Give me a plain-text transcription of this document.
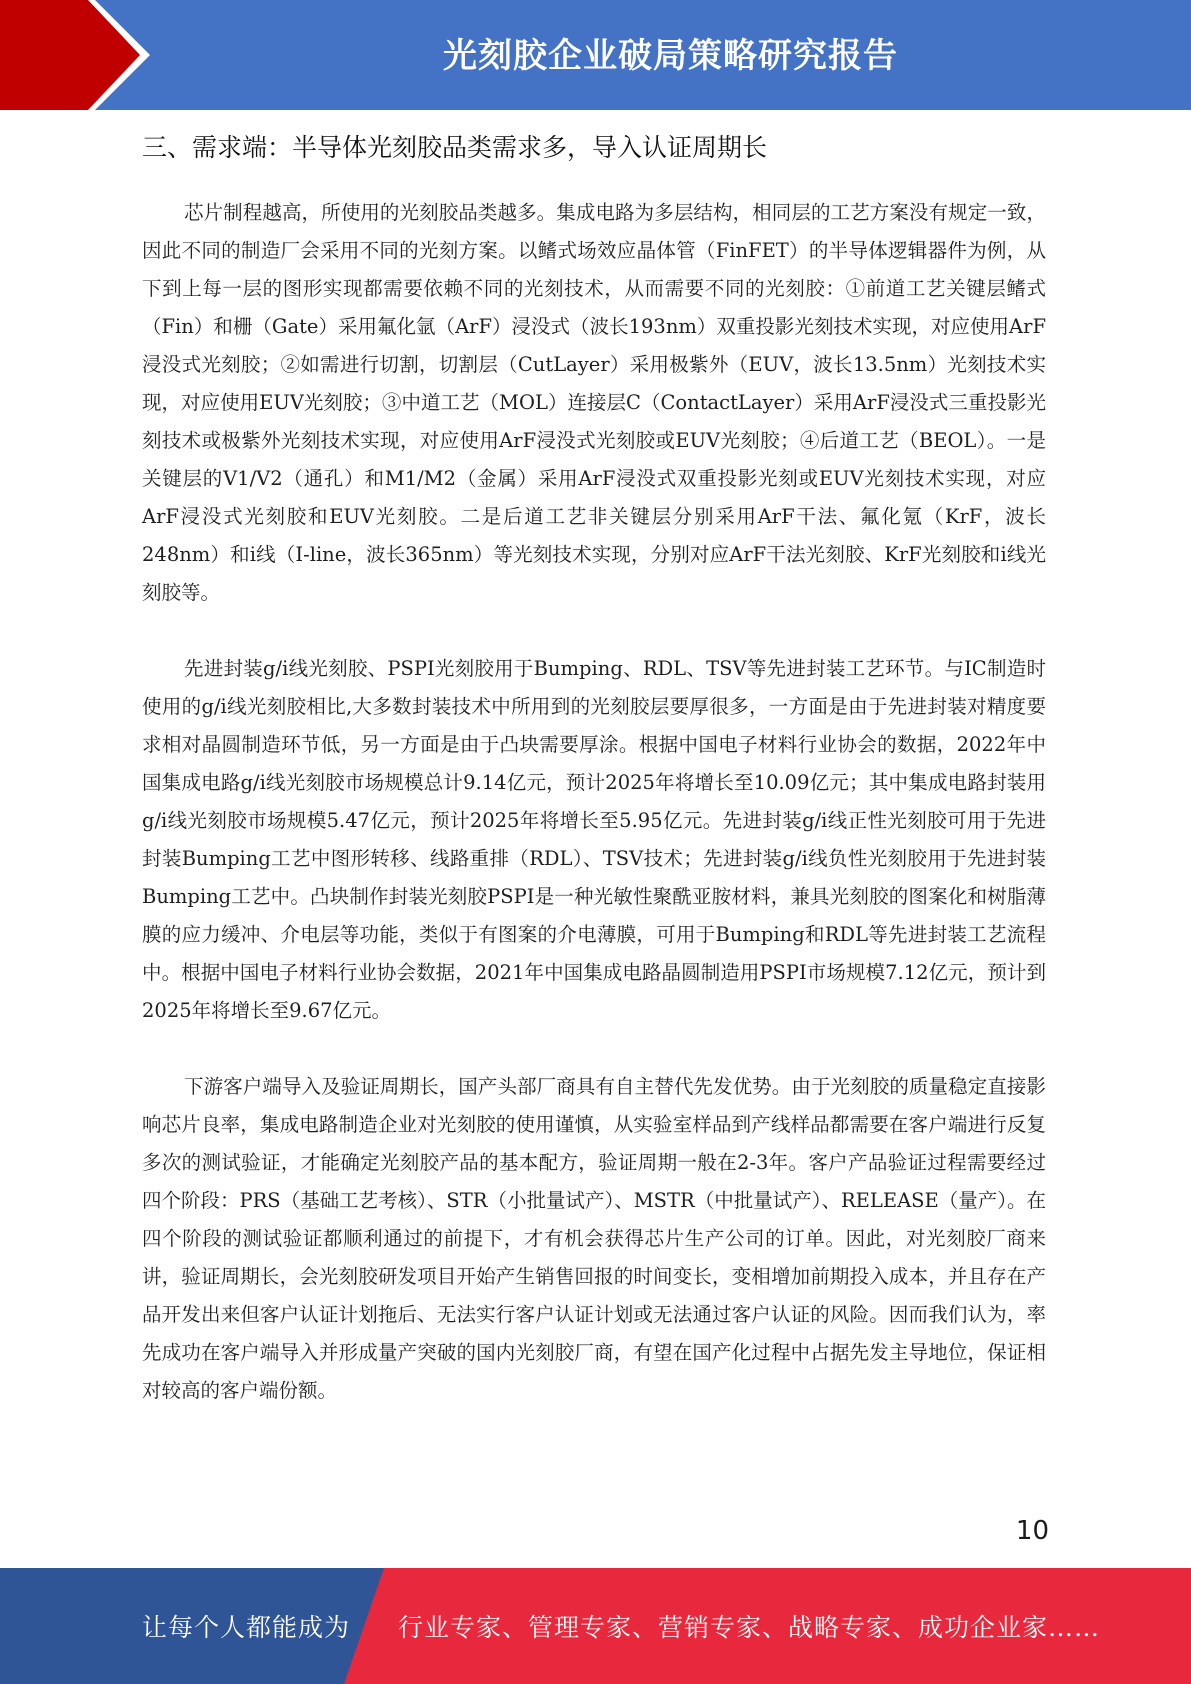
光刻胶企业破局策略研究报告
三、需求端：半导体光刻胶品类需求多，导入认证周期长

芯片制程越高，所使用的光刻胶品类越多。集成电路为多层结构，相同层的工艺方案没有规定一致，因此不同的制造厂会采用不同的光刻方案。以鳍式场效应晶体管（FinFET）的半导体逻辑器件为例，从下到上每一层的图形实现都需要依赖不同的光刻技术，从而需要不同的光刻胶：①前道工艺关键层鳍式（Fin）和栅（Gate）采用氟化氩（ArF）浸没式（波长193nm）双重投影光刻技术实现，对应使用ArF浸没式光刻胶；②如需进行切割，切割层（CutLayer）采用极紫外（EUV，波长13.5nm）光刻技术实现，对应使用EUV光刻胶；③中道工艺（MOL）连接层C（ContactLayer）采用ArF浸没式三重投影光刻技术或极紫外光刻技术实现，对应使用ArF浸没式光刻胶或EUV光刻胶；④后道工艺（BEOL）。一是关键层的V1/V2（通孔）和M1/M2（金属）采用ArF浸没式双重投影光刻或EUV光刻技术实现，对应ArF浸没式光刻胶和EUV光刻胶。二是后道工艺非关键层分别采用ArF干法、氟化氪（KrF，波长248nm）和i线（I-line，波长365nm）等光刻技术实现，分别对应ArF干法光刻胶、KrF光刻胶和i线光刻胶等。

先进封装g/i线光刻胶、PSPI光刻胶用于Bumping、RDL、TSV等先进封装工艺环节。与IC制造时使用的g/i线光刻胶相比,大多数封装技术中所用到的光刻胶层要厚很多，一方面是由于先进封装对精度要求相对晶圆制造环节低，另一方面是由于凸块需要厚涂。根据中国电子材料行业协会的数据，2022年中国集成电路g/i线光刻胶市场规模总计9.14亿元，预计2025年将增长至10.09亿元；其中集成电路封装用g/i线光刻胶市场规模5.47亿元，预计2025年将增长至5.95亿元。先进封装g/i线正性光刻胶可用于先进封装Bumping工艺中图形转移、线路重排（RDL）、TSV技术；先进封装g/i线负性光刻胶用于先进封装Bumping工艺中。凸块制作封装光刻胶PSPI是一种光敏性聚酰亚胺材料，兼具光刻胶的图案化和树脂薄膜的应力缓冲、介电层等功能，类似于有图案的介电薄膜，可用于Bumping和RDL等先进封装工艺流程中。根据中国电子材料行业协会数据，2021年中国集成电路晶圆制造用PSPI市场规模7.12亿元，预计到2025年将增长至9.67亿元。

下游客户端导入及验证周期长，国产头部厂商具有自主替代先发优势。由于光刻胶的质量稳定直接影响芯片良率，集成电路制造企业对光刻胶的使用谨慎，从实验室样品到产线样品都需要在客户端进行反复多次的测试验证，才能确定光刻胶产品的基本配方，验证周期一般在2-3年。客户产品验证过程需要经过四个阶段：PRS（基础工艺考核）、STR（小批量试产）、MSTR（中批量试产）、RELEASE（量产）。在四个阶段的测试验证都顺利通过的前提下，才有机会获得芯片生产公司的订单。因此，对光刻胶厂商来讲，验证周期长，会光刻胶研发项目开始产生销售回报的时间变长，变相增加前期投入成本，并且存在产品开发出来但客户认证计划拖后、无法实行客户认证计划或无法通过客户认证的风险。因而我们认为，率先成功在客户端导入并形成量产突破的国内光刻胶厂商，有望在国产化过程中占据先发主导地位，保证相对较高的客户端份额。

10
让每个人都能成为 行业专家、管理专家、营销专家、战略专家、成功企业家……
